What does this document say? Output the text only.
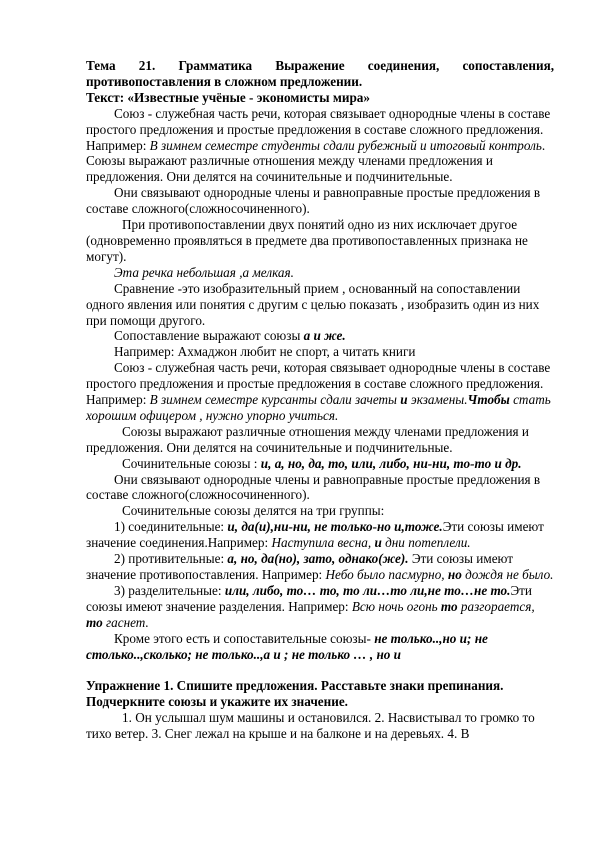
Тема 21. Грамматика Выражение соединения, сопоставления,

противопоставления в сложном предложении.

Текст: «Известные учёные - экономисты мира»

Союз - служебная часть речи, которая связывает однородные члены в составе простого предложения и простые предложения в составе сложного предложения. Например: В зимнем семестре студенты сдали рубежный и итоговый контроль. Союзы выражают различные отношения между членами предложения и предложения. Они делятся на сочинительные и подчинительные.

Они связывают однородные члены и равноправные простые предложения в составе сложного(сложносочиненного).

При противопоставлении двух понятий одно из них исключает другое (одновременно проявляться в предмете два противопоставленных признака не могут).

Эта речка небольшая ,а мелкая.

Сравнение -это изобразительный прием , основанный на сопоставлении одного явления или понятия с другим с целью показать , изобразить один из них при помощи другого.

Сопоставление выражают союзы а и же.

Например: Ахмаджон любит не спорт, а читать книги

Союз - служебная часть речи, которая связывает однородные члены в составе простого предложения и простые предложения в составе сложного предложения. Например: В зимнем семестре курсанты сдали зачеты и экзамены.Чтобы стать хорошим офицером , нужно упорно учиться.

Союзы выражают различные отношения между членами предложения и предложения. Они делятся на сочинительные и подчинительные.

Сочинительные союзы : и, а, но, да, то, или, либо, ни-ни, то-то и др.

Они связывают однородные члены и равноправные простые предложения в составе сложного(сложносочиненного).

Сочинительные союзы делятся на три группы:

1) соединительные: и, да(и),ни-ни, не только-но и,тоже.Эти союзы имеют значение соединения.Например: Наступила весна, и дни потеплели.

2) противительные: а, но, да(но), зато, однако(же). Эти союзы имеют значение противопоставления. Например: Небо было пасмурно, но дождя не было.

3) разделительные: или, либо, то… то, то ли…то ли,не то…не то.Эти союзы имеют значение разделения. Например: Всю ночь огонь то разгорается, то гаснет.

Кроме этого есть и сопоставительные союзы- не только..,но и; не столько..,сколько; не только..,а и ; не только … , но и

Упражнение 1. Спишите предложения. Расставьте знаки препинания. Подчеркните союзы и укажите их значение.

1. Он услышал шум машины и остановился. 2. Насвистывал то громко то тихо ветер. 3. Снег лежал на крыше и на балконе и на деревьях. 4. В
